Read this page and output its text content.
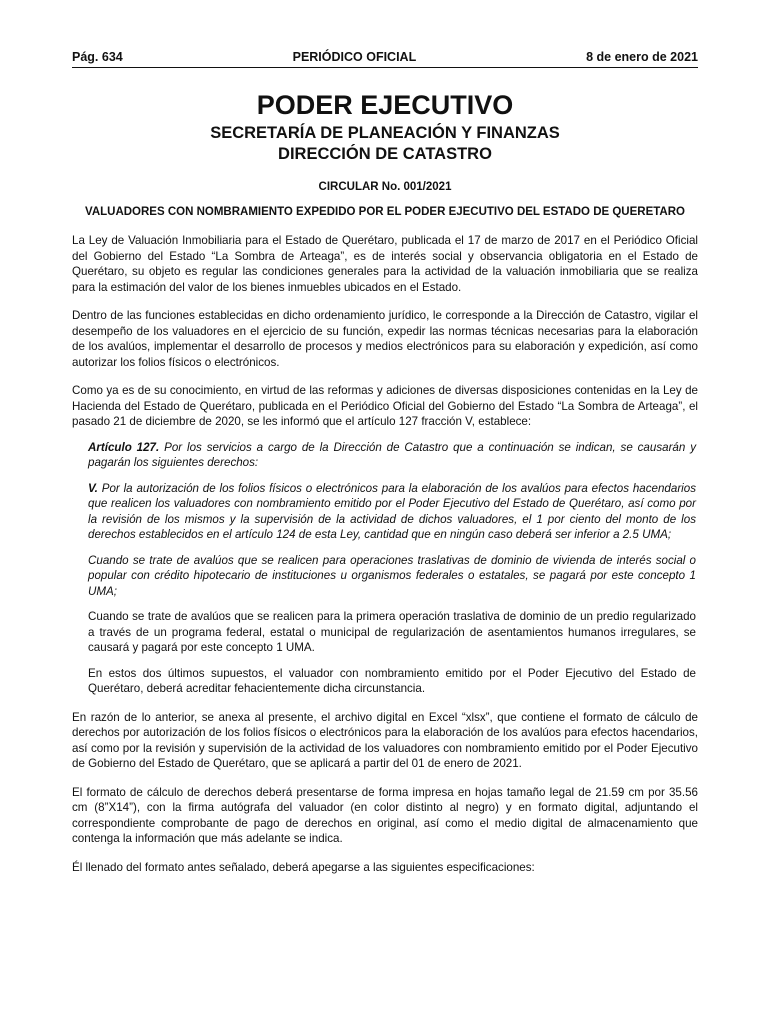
Pág. 634	PERIÓDICO OFICIAL	8 de enero de 2021
PODER EJECUTIVO
SECRETARÍA DE PLANEACIÓN Y FINANZAS
DIRECCIÓN DE CATASTRO
CIRCULAR No. 001/2021
VALUADORES CON NOMBRAMIENTO EXPEDIDO POR EL PODER EJECUTIVO DEL ESTADO DE QUERETARO

La Ley de Valuación Inmobiliaria para el Estado de Querétaro, publicada el 17 de marzo de 2017 en el Periódico Oficial del Gobierno del Estado “La Sombra de Arteaga”, es de interés social y observancia obligatoria en el Estado de Querétaro, su objeto es regular las condiciones generales para la actividad de la valuación inmobiliaria que se realiza para la estimación del valor de los bienes inmuebles ubicados en el Estado.

Dentro de las funciones establecidas en dicho ordenamiento jurídico, le corresponde a la Dirección de Catastro, vigilar el desempeño de los valuadores en el ejercicio de su función, expedir las normas técnicas necesarias para la elaboración de los avalúos, implementar el desarrollo de procesos y medios electrónicos para su elaboración y expedición, así como autorizar los folios físicos o electrónicos.

Como ya es de su conocimiento, en virtud de las reformas y adiciones de diversas disposiciones contenidas en la Ley de Hacienda del Estado de Querétaro, publicada en el Periódico Oficial del Gobierno del Estado “La Sombra de Arteaga”, el pasado 21 de diciembre de 2020, se les informó que el artículo 127 fracción V, establece:

Artículo 127. Por los servicios a cargo de la Dirección de Catastro que a continuación se indican, se causarán y pagarán los siguientes derechos:

V. Por la autorización de los folios físicos o electrónicos para la elaboración de los avalúos para efectos hacendarios que realicen los valuadores con nombramiento emitido por el Poder Ejecutivo del Estado de Querétaro, así como por la revisión de los mismos y la supervisión de la actividad de dichos valuadores, el 1 por ciento del monto de los derechos establecidos en el artículo 124 de esta Ley, cantidad que en ningún caso deberá ser inferior a 2.5 UMA;

Cuando se trate de avalúos que se realicen para operaciones traslativas de dominio de vivienda de interés social o popular con crédito hipotecario de instituciones u organismos federales o estatales, se pagará por este concepto 1 UMA;

Cuando se trate de avalúos que se realicen para la primera operación traslativa de dominio de un predio regularizado a través de un programa federal, estatal o municipal de regularización de asentamientos humanos irregulares, se causará y pagará por este concepto 1 UMA.

En estos dos últimos supuestos, el valuador con nombramiento emitido por el Poder Ejecutivo del Estado de Querétaro, deberá acreditar fehacientemente dicha circunstancia.

En razón de lo anterior, se anexa al presente, el archivo digital en Excel “xlsx”, que contiene el formato de cálculo de derechos por autorización de los folios físicos o electrónicos para la elaboración de los avalúos para efectos hacendarios, así como por la revisión y supervisión de la actividad de los valuadores con nombramiento emitido por el Poder Ejecutivo de Gobierno del Estado de Querétaro, que se aplicará a partir del 01 de enero de 2021.

El formato de cálculo de derechos deberá presentarse de forma impresa en hojas tamaño legal de 21.59 cm por 35.56 cm (8”X14”), con la firma autógrafa del valuador (en color distinto al negro) y en formato digital, adjuntando el correspondiente comprobante de pago de derechos en original, así como el medio digital de almacenamiento que contenga la información que más adelante se indica.

Él llenado del formato antes señalado, deberá apegarse a las siguientes especificaciones:
